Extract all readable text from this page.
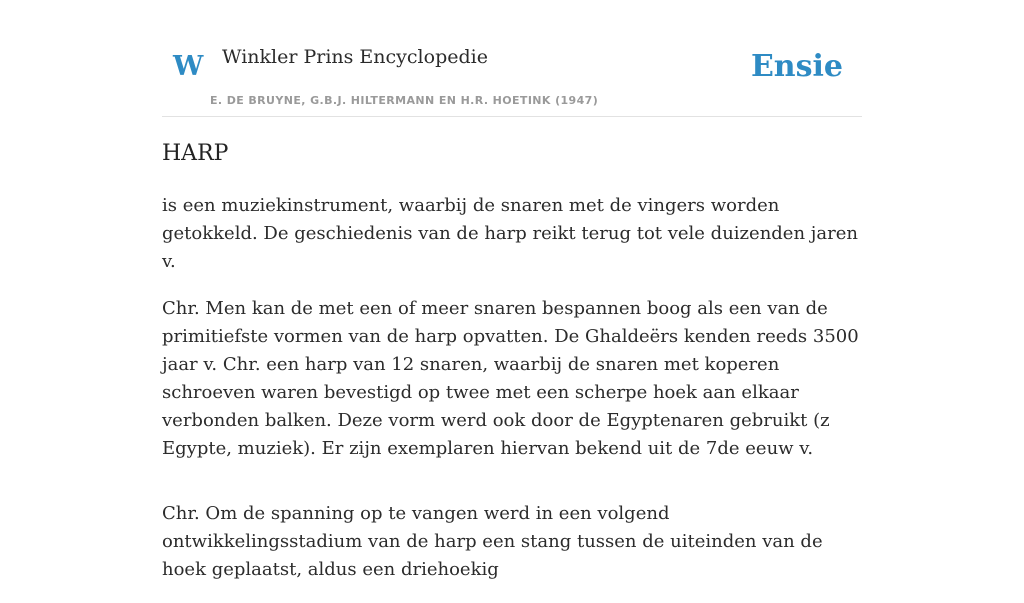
W Winkler Prins Encyclopedie
E. DE BRUYNE, G.B.J. HILTERMANN EN H.R. HOETINK (1947)
Ensie
HARP

is een muziekinstrument, waarbij de snaren met de vingers worden getokkeld. De geschiedenis van de harp reikt terug tot vele duizenden jaren v.

Chr. Men kan de met een of meer snaren bespannen boog als een van de primitiefste vormen van de harp opvatten. De Ghaldeërs kenden reeds 3500 jaar v. Chr. een harp van 12 snaren, waarbij de snaren met koperen schroeven waren bevestigd op twee met een scherpe hoek aan elkaar verbonden balken. Deze vorm werd ook door de Egyptenaren gebruikt (z Egypte, muziek). Er zijn exemplaren hiervan bekend uit de 7de eeuw v.

Chr. Om de spanning op te vangen werd in een volgend ontwikkelingsstadium van de harp een stang tussen de uiteinden van de hoek geplaatst, aldus een driehoekig
